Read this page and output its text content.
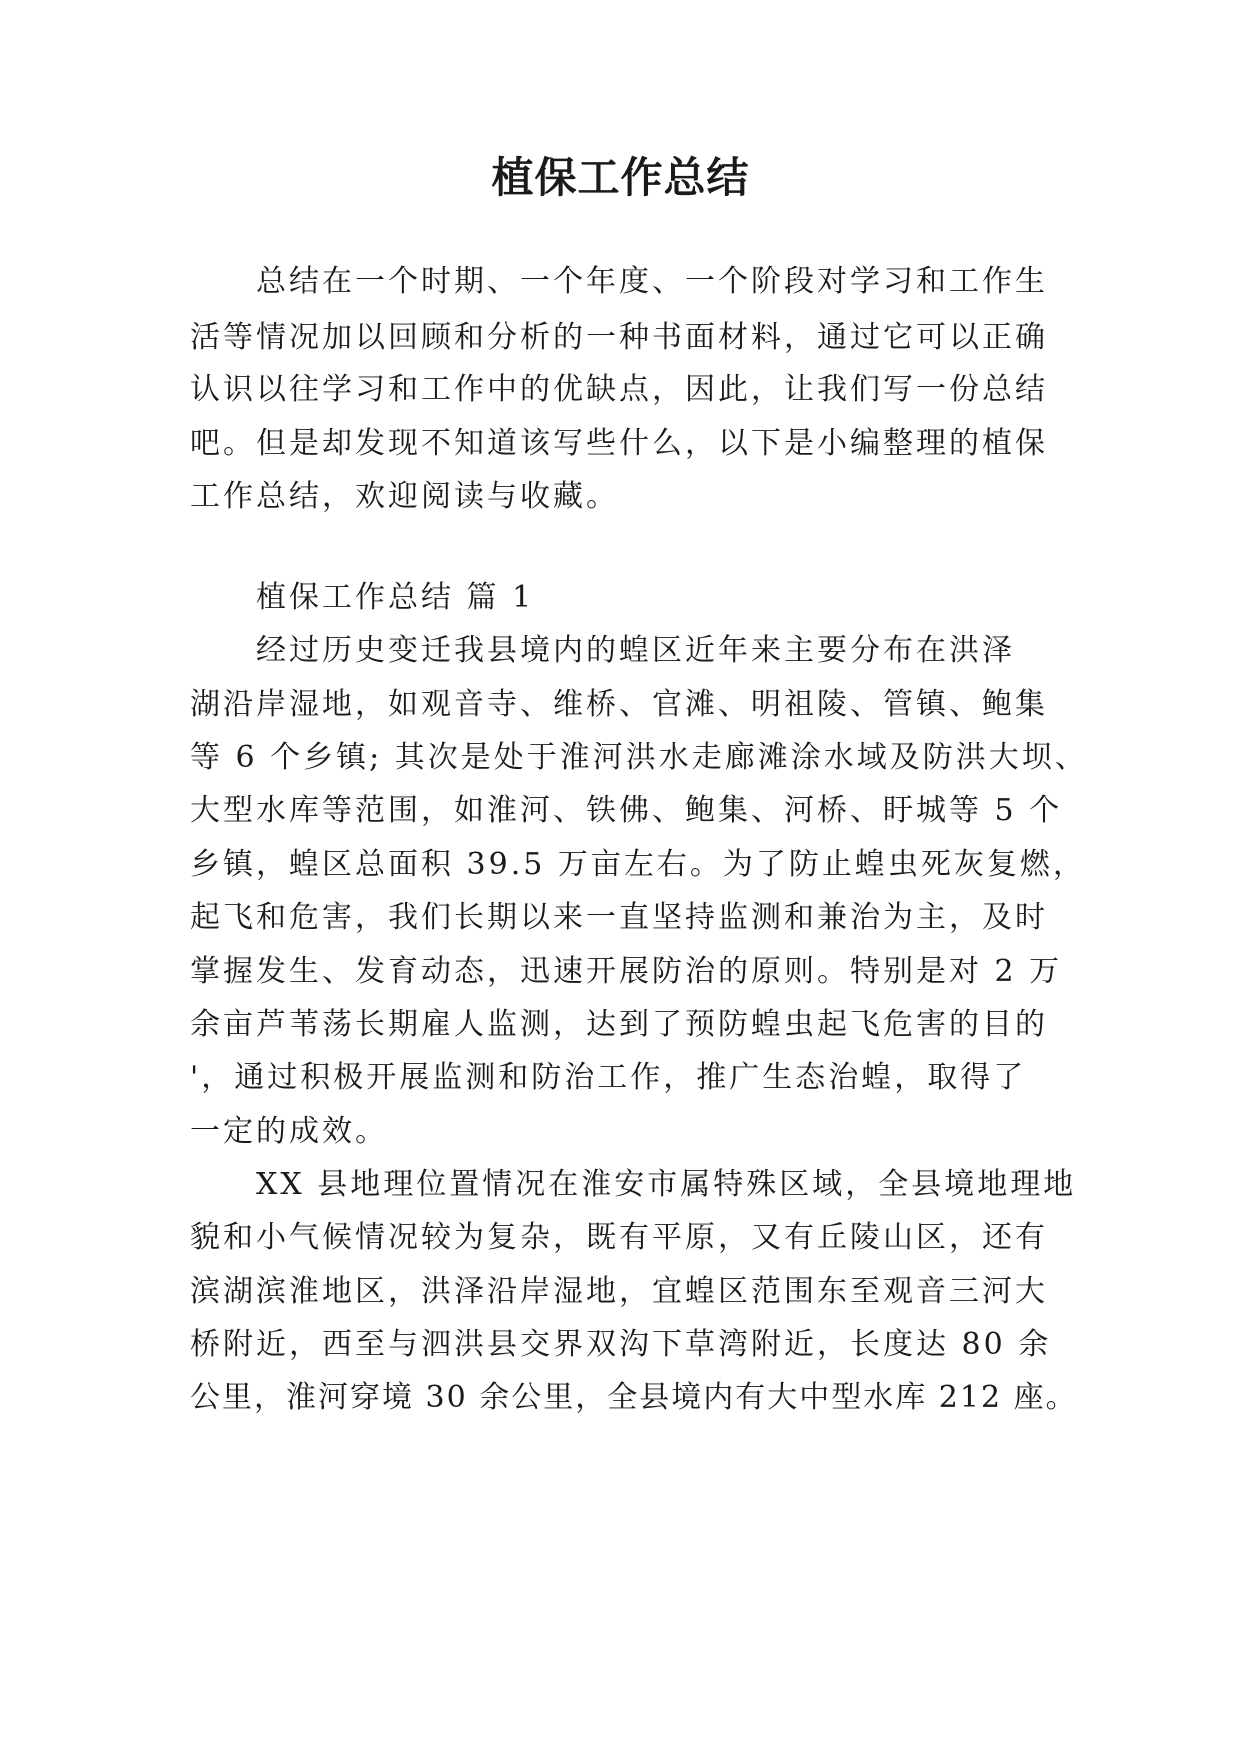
植保工作总结
总结在一个时期、一个年度、一个阶段对学习和工作生
活等情况加以回顾和分析的一种书面材料，通过它可以正确
认识以往学习和工作中的优缺点，因此，让我们写一份总结
吧。但是却发现不知道该写些什么，以下是小编整理的植保
工作总结，欢迎阅读与收藏。
植保工作总结 篇 1
经过历史变迁我县境内的蝗区近年来主要分布在洪泽
湖沿岸湿地，如观音寺、维桥、官滩、明祖陵、管镇、鲍集
等 6 个乡镇; 其次是处于淮河洪水走廊滩涂水域及防洪大坝、
大型水库等范围，如淮河、铁佛、鲍集、河桥、盱城等 5 个
乡镇，蝗区总面积 39.5 万亩左右。为了防止蝗虫死灰复燃，
起飞和危害，我们长期以来一直坚持监测和兼治为主，及时
掌握发生、发育动态，迅速开展防治的原则。特别是对 2 万
余亩芦苇荡长期雇人监测，达到了预防蝗虫起飞危害的目的
'，通过积极开展监测和防治工作，推广生态治蝗，取得了
一定的成效。
XX 县地理位置情况在淮安市属特殊区域，全县境地理地
貌和小气候情况较为复杂，既有平原，又有丘陵山区，还有
滨湖滨淮地区，洪泽沿岸湿地，宜蝗区范围东至观音三河大
桥附近，西至与泗洪县交界双沟下草湾附近，长度达 80 余
公里，淮河穿境 30 余公里，全县境内有大中型水库 212 座。
